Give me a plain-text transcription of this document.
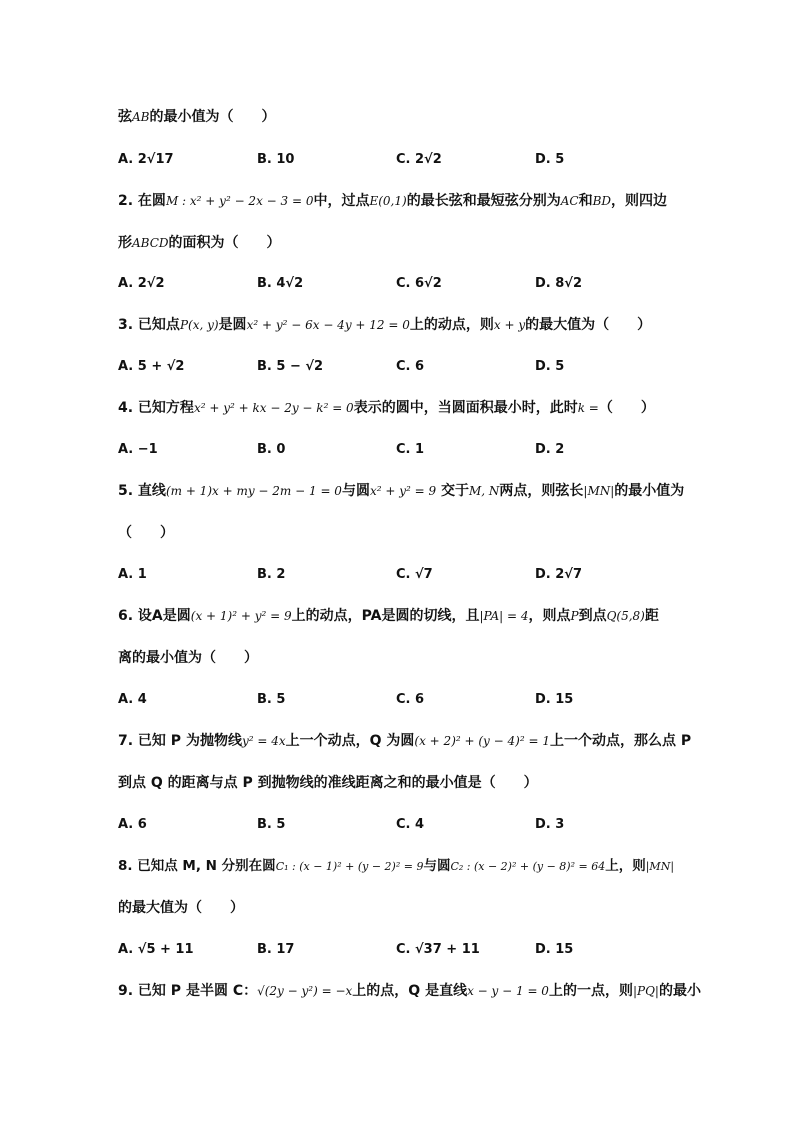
弦AB的最小值为（　　）
A. 2√17	B. 10	C. 2√2	D. 5
2. 在圆M : x² + y² − 2x − 3 = 0中，过点E(0,1)的最长弦和最短弦分别为AC和BD，则四边
形ABCD的面积为（　　）
A. 2√2	B. 4√2	C. 6√2	D. 8√2
3. 已知点P(x, y)是圆x² + y² − 6x − 4y + 12 = 0上的动点，则x + y的最大值为（　　）
A. 5 + √2	B. 5 − √2	C. 6	D. 5
4. 已知方程x² + y² + kx − 2y − k² = 0表示的圆中，当圆面积最小时，此时k =（　　）
A. −1	B. 0	C. 1	D. 2
5. 直线(m + 1)x + my − 2m − 1 = 0与圆x² + y² = 9 交于M, N两点，则弦长|MN|的最小值为
（　　）
A. 1	B. 2	C. √7	D. 2√7
6. 设A是圆(x + 1)² + y² = 9上的动点，PA是圆的切线，且|PA| = 4，则点P到点Q(5,8)距
离的最小值为（　　）
A. 4	B. 5	C. 6	D. 15
7. 已知 P 为抛物线y² = 4x上一个动点，Q 为圆(x + 2)² + (y − 4)² = 1上一个动点，那么点 P
到点 Q 的距离与点 P 到抛物线的准线距离之和的最小值是（　　）
A. 6	B. 5	C. 4	D. 3
8. 已知点 M, N 分别在圆C₁ : (x − 1)² + (y − 2)² = 9与圆C₂ : (x − 2)² + (y − 8)² = 64上，则|MN|
的最大值为（　　）
A. √5 + 11	B. 17	C. √37 + 11	D. 15
9. 已知 P 是半圆 C：√(2y − y²) = −x上的点，Q 是直线x − y − 1 = 0上的一点，则|PQ|的最小
